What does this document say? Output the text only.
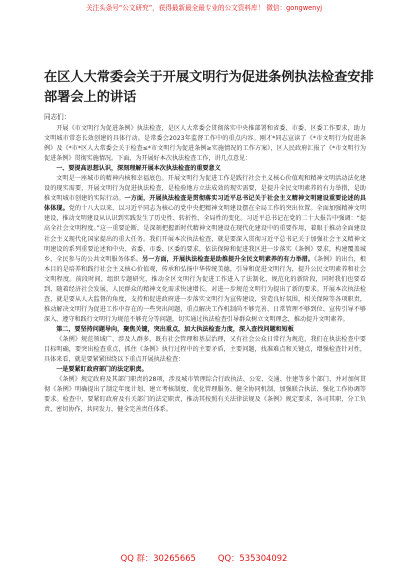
关注头条号“公文研究”，获得最新最全最专业的公文资料库！ 微信：gongwenyj
在区人大常委会关于开展文明行为促进条例执法检查安排部署会上的讲话
同志们：

开展《市文明行为促进条例》执法检查，是区人大常委会贯彻落实中央推部署和省委、市委、区委工作要求，助力文明城市常态长效创建的具体行动。是常委会2023年监督工作中的重点内容。刚才*同志宣读了《*市文明行为促进条例》及《*市*区人大常委会关于检查≤*市文明行为促进条例≥实施情况的工作方案》，区人民政府汇报了《*市文明行为促进条例》贯彻实施情况。下面，为开展好本次执法检查工作，讲几点意见：

一、要提高思想认识，深刻理解开展本次执法检查的重要意义

文明是一座城市的精神内核和幸福底色。开展文明行为促进工作是践行社会主义核心价值观和精神文明活动法化建设的现实需要，开展文明行为促进执法检查，是检验地方立法成效的现实需要，是提升全民文明素养的有力举措，是助推文明城市创建的实际行动。一方面，开展执法检查是贯彻落实习近平总书记关于社会主义精神文明建设重要论述的具体体现。党的十八大以来，以习近平同志为核心的党中央把精神文明建设摆在全局工作的突出位置。全面加强精神文明建设，推动文明建设从认识到实践发生了历史性、转折性、全局性的变化。习近平总书记在党的二十大报告中强调：“提高全社会文明程度。”这一重要论断，是深刻把握新时代精神文明建设在现代化建设中的重要作用，着眼于推动全面建设社会主义现代化国家提出的重大任务。我们开展本次执法检查，就是要深入贯彻习近平总书记关于加强社会主义精神文明建设的系列重要论述和中央、省委、市委、区委的要求，依法保障和促进我区进一步落实《条例》要求，构建覆盖城乡、全民参与的公共文明服务体系。另一方面，开展执法检查是助推提升全民文明素养的有力举措。《条例》的出台，根本目的是培养和践行社会主义核心价值观，传承和弘扬中华传统美德，引导和促进文明行为，提升公民文明素养和社会文明程度。前段时间，组织专题研究，推动全区文明行为促进工作进入了法制化、规范化的新阶段，同时我们也要看到，随着经济社会发展，人民群众的精神文化需求快速增长，对进一步规范文明行为提出了新的要求。开展本次执法检查，就是要从人大监督的角度，支持和促进政府进一步落实文明行为宣传建设，营造良好氛围，相关保障等各项职责，推动解决文明行为促进工作中存在的一些突出问题，重点解决工作机制尚不够完善、日常管理不够到位、宣传引导不够深入、遵守和践行文明行为规范不够充分等问题，切实通过执法检查引导群众树立文明理念，推动提升文明素养。

第二，要坚持问题导向，聚焦关键，突出重点，加大执法检查力度，深入查找问题和短板

《条例》规范领域广、涉及人群多，既有社会管理和基层治理，又有社会公众日常行为规范，我们在执法检查中要目标明确，要突出检查重点，抓住《条例》执行过程中的主要矛盾，主要问题，找准难点和关键点，增强检查针对性，具体来看，就是要紧紧围绕以下重点开展执法检查：

一是要紧盯政府部门的法定职责。

《条例》规定政府及其部门职责的28项，涉及城市管理综合行政执法、公安、交通、住建等多个部门，并对加何贯彻《条例》明确提出了制定年度计划、建立考核制度、优化管理服务、健全协同机制、加强联合执法、强化工作协调等要求。检查中，要紧盯政府及有关部门的法定职责，推动其按照有关法律法规及《条例》规定要求，各司其职，分工负责，密切协作，共同发力，健全完善责任体系。

QQ 群：30265665	QQ：535304092
